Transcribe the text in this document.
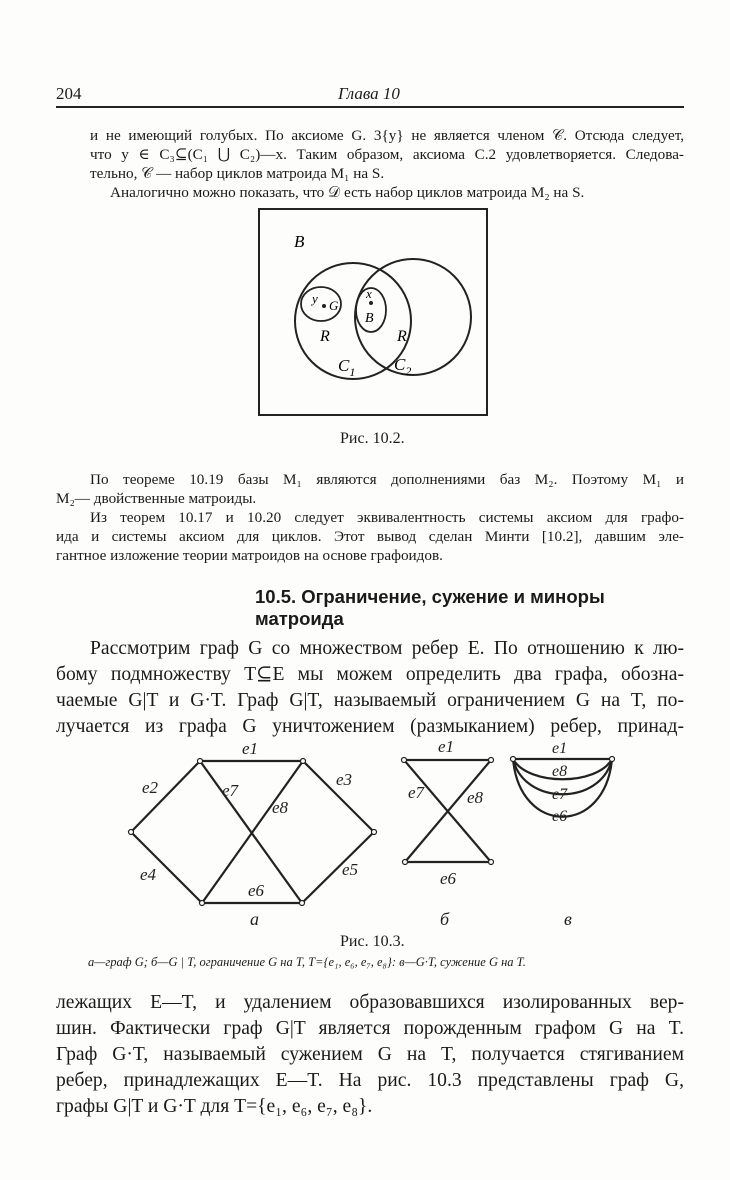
204	Глава 10
и не имеющий голубых. По аксиоме G. 3{y} не является членом 𝒞. Отсюда следует,
что y ∈ C₃⊆(C₁ ⋃ C₂)—x. Таким образом, аксиома С.2 удовлетворяется. Следова-
тельно, 𝒞 — набор циклов матроида M₁ на S.
Аналогично можно показать, что 𝒟 есть набор циклов матроида M₂ на S.
B
y G
x
B
R	R
$C_1$ $C_2$
Рис. 10.2.
По теореме 10.19 базы M₁ являются дополнениями баз M₂. Поэтому M₁ и
M₂— двойственные матроиды.
Из теорем 10.17 и 10.20 следует эквивалентность системы аксиом для графо-
ида и системы аксиом для циклов. Этот вывод сделан Минти [10.2], давшим эле-
гантное изложение теории матроидов на основе графоидов.
10.5. Ограничение, сужение и миноры
матроида
Рассмотрим граф G со множеством ребер E. По отношению к лю-
бому подмножеству T⊆E мы можем определить два графа, обозна-
чаемые G|T и G·T. Граф G|T, называемый ограничением G на T, по-
лучается из графа G уничтожением (размыканием) ребер, принад-
e1
e2	e3
e4	e5
e6
e7
e8
e1
e7	e8
e6
e1
e8
e7
e6
a	б	в
Рис. 10.3.
а—граф G; б—G | T, ограничение G на T, T={e₁, e₆, e₇, e₈}: в—G·T, сужение G на T.
лежащих E—T, и удалением образовавшихся изолированных вер-
шин. Фактически граф G|T является порожденным графом G на T.
Граф G·T, называемый сужением G на T, получается стягиванием
ребер, принадлежащих E—T. На рис. 10.3 представлены граф G,
графы G|T и G·T для T={e₁, e₆, e₇, e₈}.
